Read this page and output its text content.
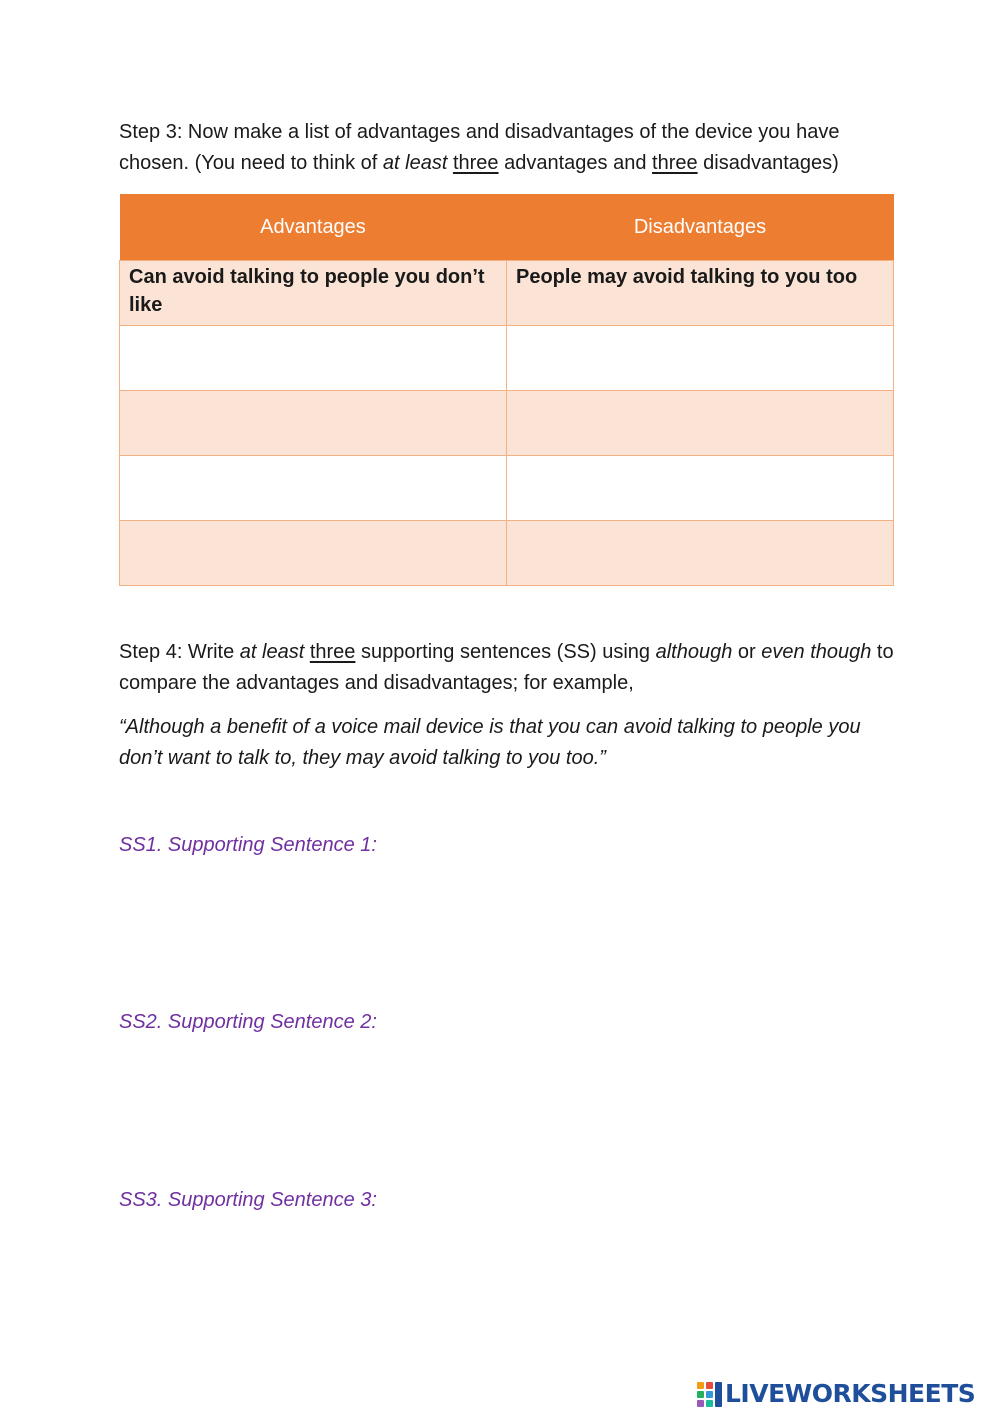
Step 3: Now make a list of advantages and disadvantages of the device you have chosen. (You need to think of at least three advantages and three disadvantages)

Advantages	Disadvantages
Can avoid talking to people you don’t like	People may avoid talking to you too

Step 4: Write at least three supporting sentences (SS) using although or even though to compare the advantages and disadvantages; for example,

“Although a benefit of a voice mail device is that you can avoid talking to people you don’t want to talk to, they may avoid talking to you too.”

SS1. Supporting Sentence 1:
SS2. Supporting Sentence 2:
SS3. Supporting Sentence 3:
LIVEWORKSHEETS
